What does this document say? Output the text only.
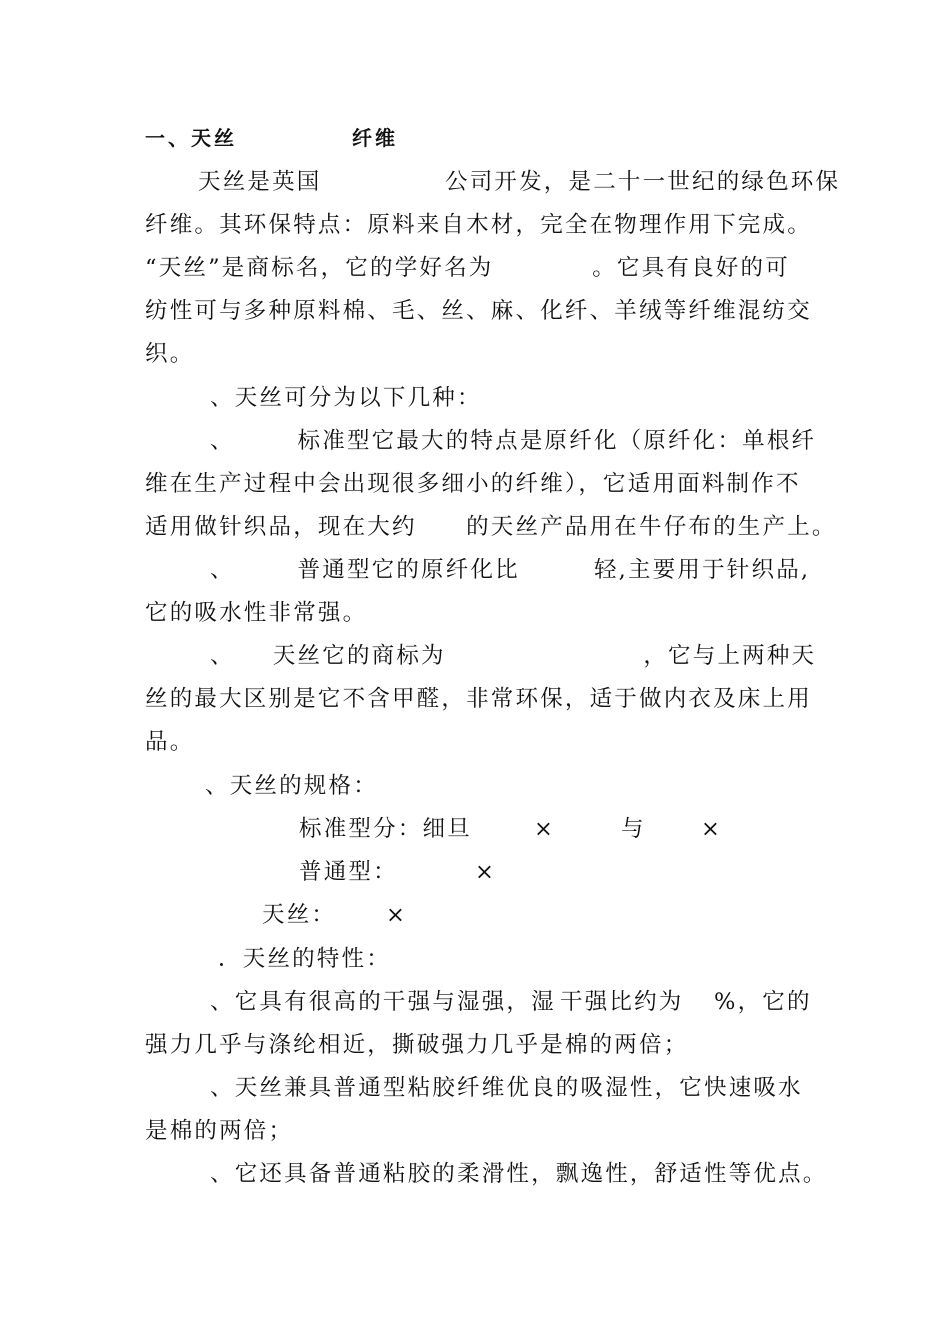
一、天丝　　　　　纤维
天丝是英国　　　　　公司开发，是二十一世纪的绿色环保
纤维。其环保特点：原料来自木材，完全在物理作用下完成。
“天丝”是商标名，它的学好名为　　　　。它具有良好的可
纺性可与多种原料棉、毛、丝、麻、化纤、羊绒等纤维混纺交
织。
、天丝可分为以下几种：
、　　　标准型它最大的特点是原纤化（原纤化：单根纤
维在生产过程中会出现很多细小的纤维），它适用面料制作不
适用做针织品，现在大约　　的天丝产品用在牛仔布的生产上。
、　　　普通型它的原纤化比　　　轻,主要用于针织品,
它的吸水性非常强。
、　　天丝它的商标为　　　　　　　　，它与上两种天
丝的最大区别是它不含甲醛，非常环保，适于做内衣及床上用
品。
、天丝的规格：

标准型分：细旦

	×

	与

×

普通型：

	×

天丝：

×

．天丝的特性：

、它具有很高的干强与湿强，湿

干强比约为

%，它的

强力几乎与涤纶相近，撕破强力几乎是棉的两倍；
、天丝兼具普通型粘胶纤维优良的吸湿性，它快速吸水
是棉的两倍；
、它还具备普通粘胶的柔滑性，飘逸性，舒适性等优点。
